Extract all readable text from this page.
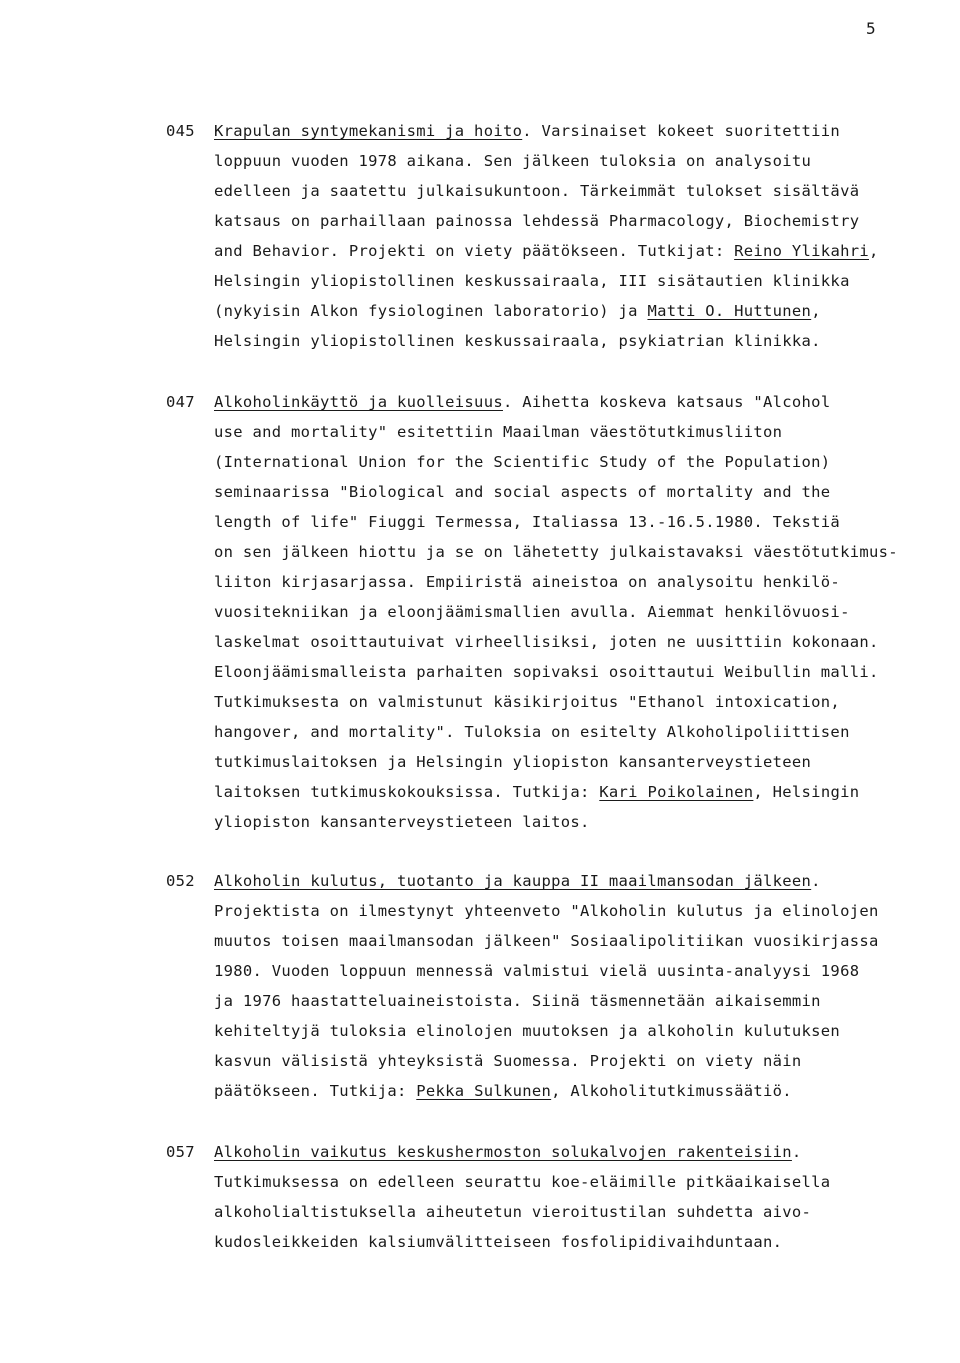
5
045 Krapulan syntymekanismi ja hoito. Varsinaiset kokeet suoritettiin
loppuun vuoden 1978 aikana. Sen jälkeen tuloksia on analysoitu
edelleen ja saatettu julkaisukuntoon. Tärkeimmät tulokset sisältävä
katsaus on parhaillaan painossa lehdessä Pharmacology, Biochemistry
and Behavior. Projekti on viety päätökseen. Tutkijat: Reino Ylikahri,
Helsingin yliopistollinen keskussairaala, III sisätautien klinikka
(nykyisin Alkon fysiologinen laboratorio) ja Matti O. Huttunen,
Helsingin yliopistollinen keskussairaala, psykiatrian klinikka.
047 Alkoholinkäyttö ja kuolleisuus. Aihetta koskeva katsaus "Alcohol
use and mortality" esitettiin Maailman väestötutkimusliiton
(International Union for the Scientific Study of the Population)
seminaarissa "Biological and social aspects of mortality and the
length of life" Fiuggi Termessa, Italiassa 13.-16.5.1980. Tekstiä
on sen jälkeen hiottu ja se on lähetetty julkaistavaksi väestötutkimus-
liiton kirjasarjassa. Empiiristä aineistoa on analysoitu henkilö-
vuositekniikan ja eloonjäämismallien avulla. Aiemmat henkilövuosi-
laskelmat osoittautuivat virheellisiksi, joten ne uusittiin kokonaan.
Eloonjäämismalleista parhaiten sopivaksi osoittautui Weibullin malli.
Tutkimuksesta on valmistunut käsikirjoitus "Ethanol intoxication,
hangover, and mortality". Tuloksia on esitelty Alkoholipoliittisen
tutkimuslaitoksen ja Helsingin yliopiston kansanterveystieteen
laitoksen tutkimuskokouksissa. Tutkija: Kari Poikolainen, Helsingin
yliopiston kansanterveystieteen laitos.
052 Alkoholin kulutus, tuotanto ja kauppa II maailmansodan jälkeen.
Projektista on ilmestynyt yhteenveto "Alkoholin kulutus ja elinolojen
muutos toisen maailmansodan jälkeen" Sosiaalipolitiikan vuosikirjassa
1980. Vuoden loppuun mennessä valmistui vielä uusinta-analyysi 1968
ja 1976 haastatteluaineistoista. Siinä täsmennetään aikaisemmin
kehiteltyjä tuloksia elinolojen muutoksen ja alkoholin kulutuksen
kasvun välisistä yhteyksistä Suomessa. Projekti on viety näin
päätökseen. Tutkija: Pekka Sulkunen, Alkoholitutkimussäätiö.
057 Alkoholin vaikutus keskushermoston solukalvojen rakenteisiin.
Tutkimuksessa on edelleen seurattu koe-eläimille pitkäaikaisella
alkoholialtistuksella aiheutetun vieroitustilan suhdetta aivo-
kudosleikkeiden kalsiumvälitteiseen fosfolipidivaihduntaan.
